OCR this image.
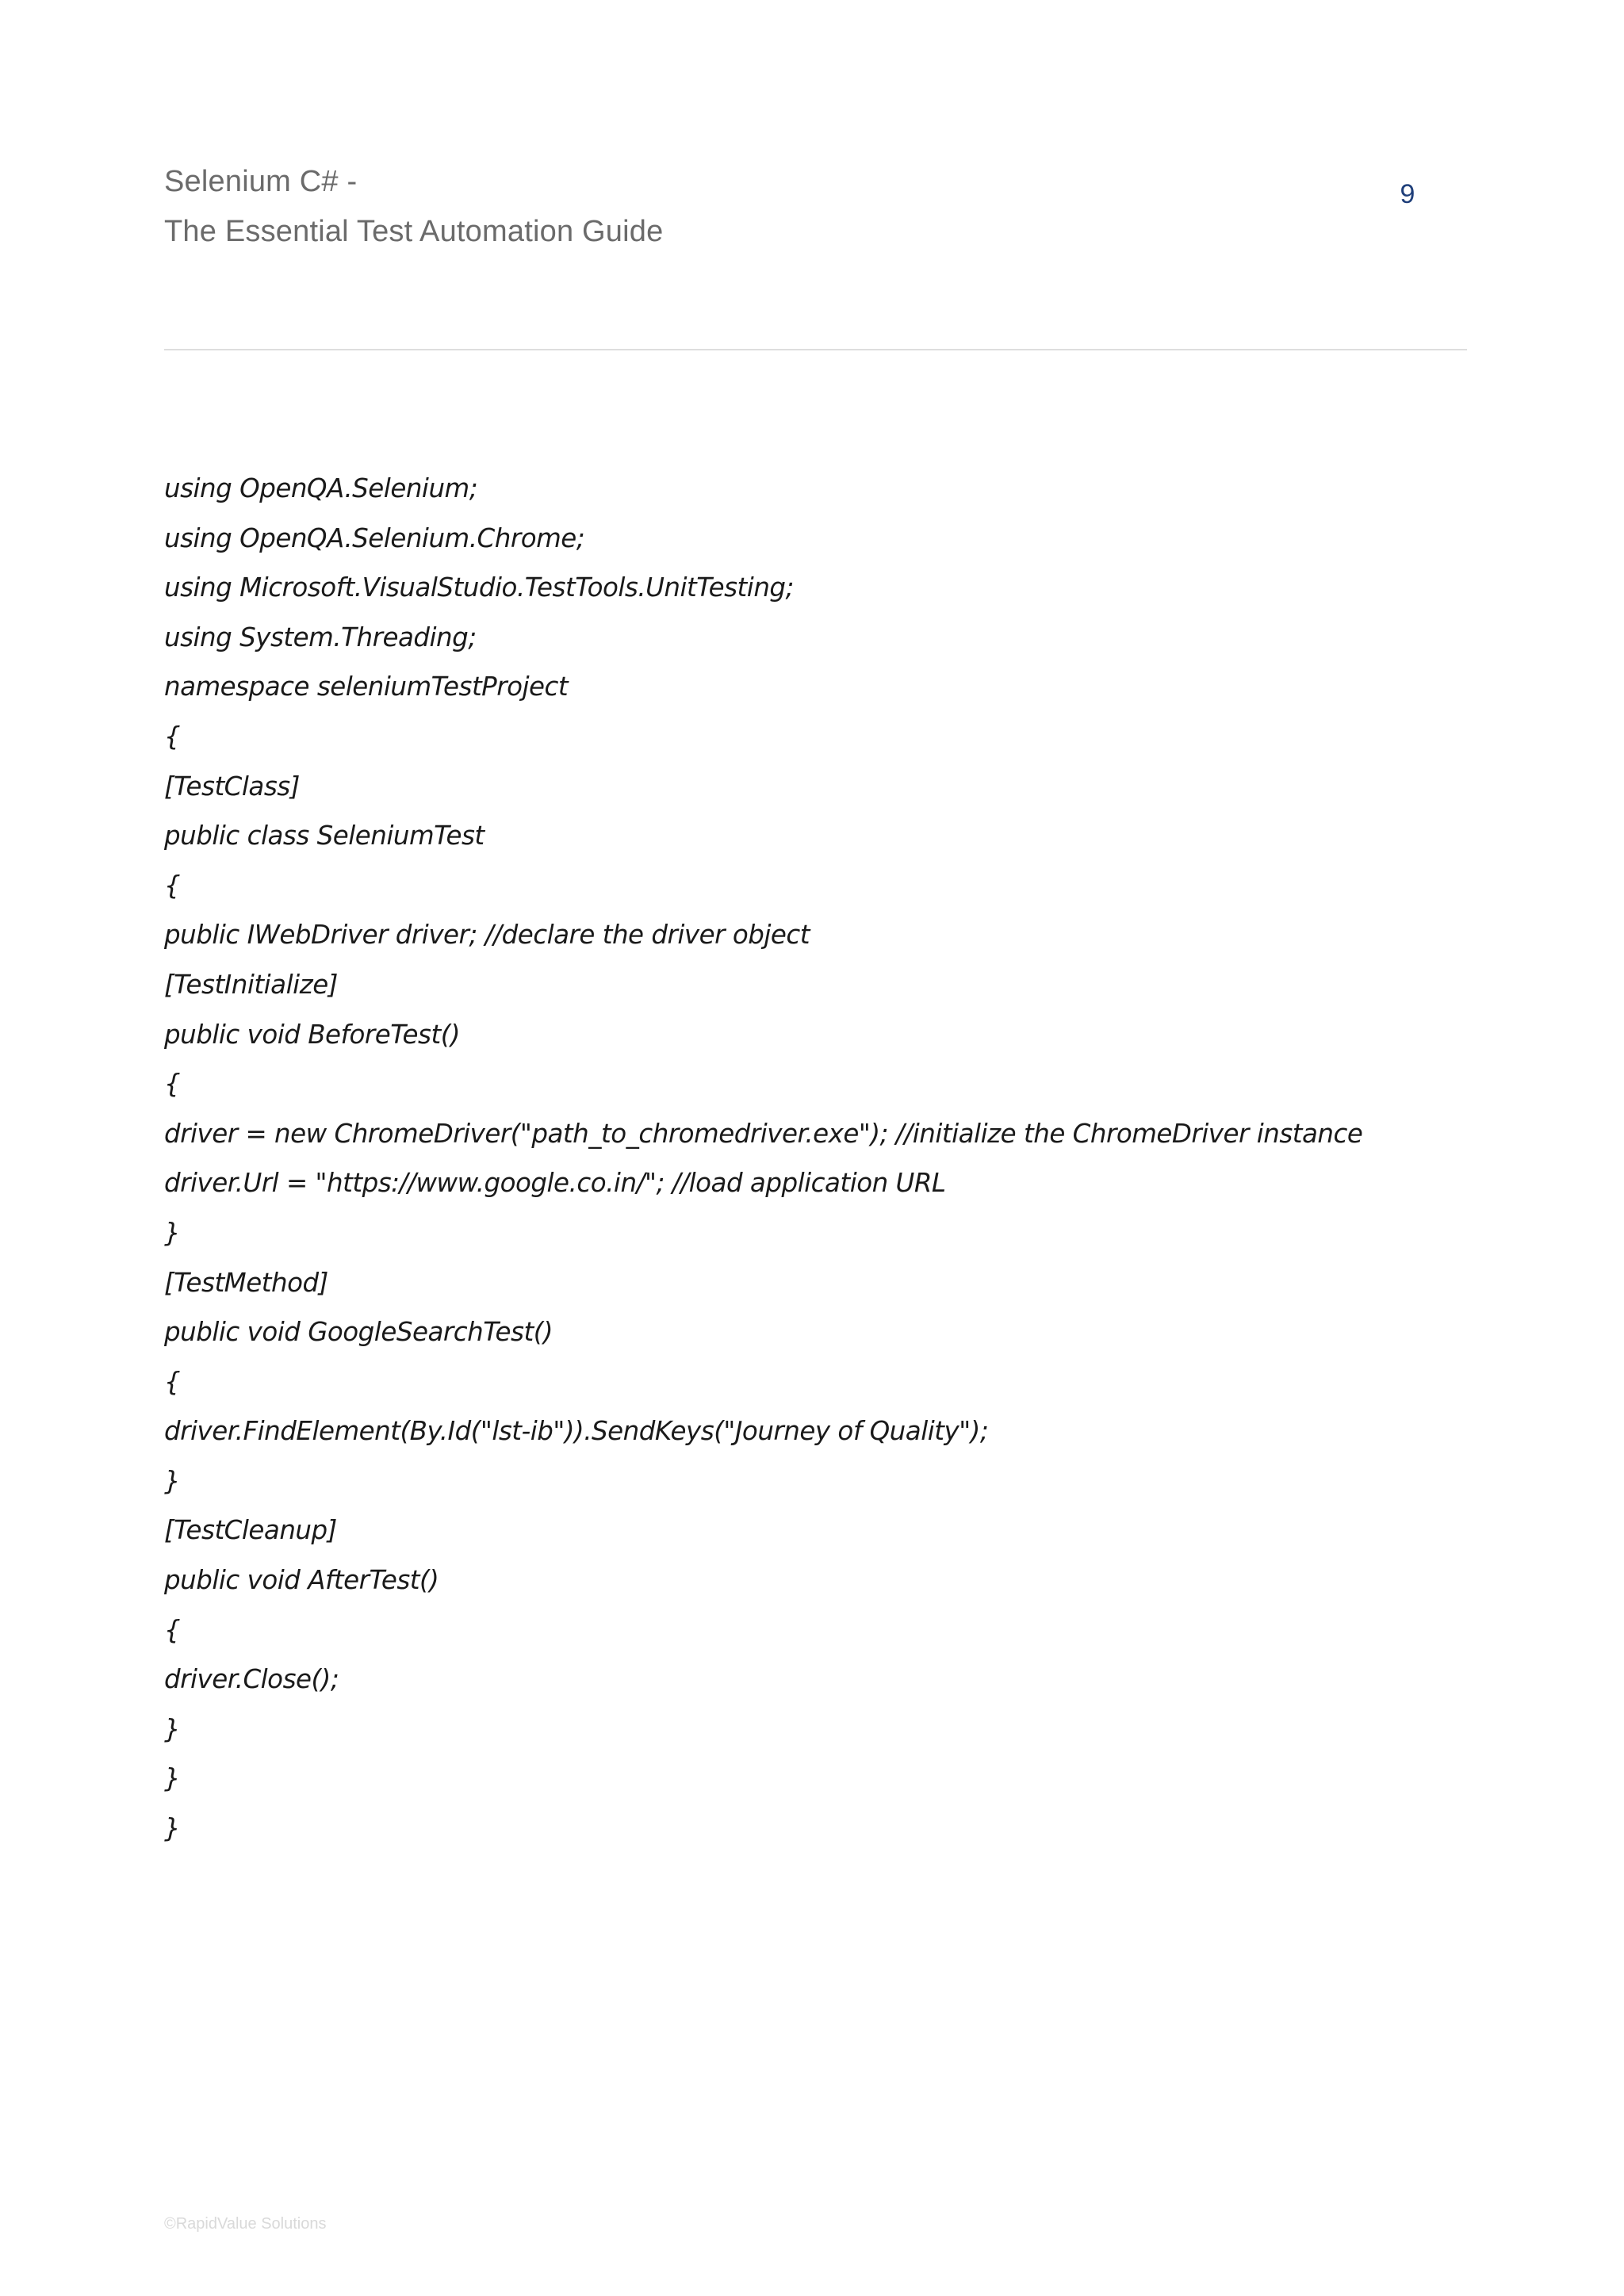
Selenium C# -
The Essential Test Automation Guide
9
using OpenQA.Selenium;
using OpenQA.Selenium.Chrome;
using Microsoft.VisualStudio.TestTools.UnitTesting;
using System.Threading;
namespace seleniumTestProject
{
[TestClass]
public class SeleniumTest
{
public IWebDriver driver; //declare the driver object
[TestInitialize]
public void BeforeTest()
{
driver = new ChromeDriver("path_to_chromedriver.exe"); //initialize the ChromeDriver instance
driver.Url = "https://www.google.co.in/"; //load application URL
}
[TestMethod]
public void GoogleSearchTest()
{
driver.FindElement(By.Id("lst-ib")).SendKeys("Journey of Quality");
}
[TestCleanup]
public void AfterTest()
{
driver.Close();
}
}
}
©RapidValue Solutions
